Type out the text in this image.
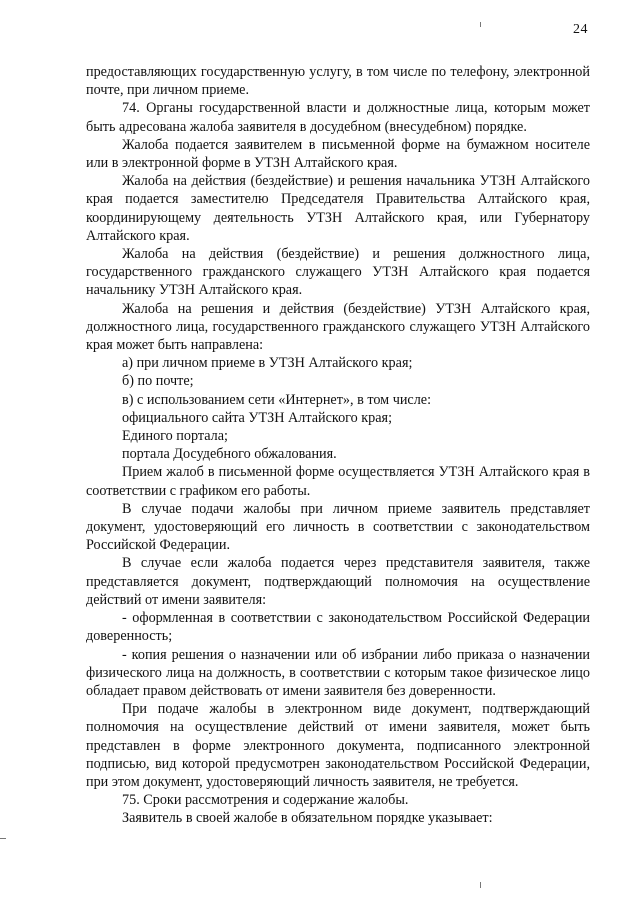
24

предоставляющих государственную услугу, в том числе по телефону, электронной почте, при личном приеме.

74. Органы государственной власти и должностные лица, которым может быть адресована жалоба заявителя в досудебном (внесудебном) порядке.

Жалоба подается заявителем в письменной форме на бумажном носителе или в электронной форме в УТЗН Алтайского края.

Жалоба на действия (бездействие) и решения начальника УТЗН Алтайского края подается заместителю Председателя Правительства Алтайского края, координирующему деятельность УТЗН Алтайского края, или Губернатору Алтайского края.

Жалоба на действия (бездействие) и решения должностного лица, государственного гражданского служащего УТЗН Алтайского края подается начальнику УТЗН Алтайского края.

Жалоба на решения и действия (бездействие) УТЗН Алтайского края, должностного лица, государственного гражданского служащего УТЗН Алтайского края может быть направлена:

а) при личном приеме в УТЗН Алтайского края;

б) по почте;

в) с использованием сети «Интернет», в том числе:

официального сайта УТЗН Алтайского края;

Единого портала;

портала Досудебного обжалования.

Прием жалоб в письменной форме осуществляется УТЗН Алтайского края в соответствии с графиком его работы.

В случае подачи жалобы при личном приеме заявитель представляет документ, удостоверяющий его личность в соответствии с законодательством Российской Федерации.

В случае если жалоба подается через представителя заявителя, также представляется документ, подтверждающий полномочия на осуществление действий от имени заявителя:

- оформленная в соответствии с законодательством Российской Федерации доверенность;

- копия решения о назначении или об избрании либо приказа о назначении физического лица на должность, в соответствии с которым такое физическое лицо обладает правом действовать от имени заявителя без доверенности.

При подаче жалобы в электронном виде документ, подтверждающий полномочия на осуществление действий от имени заявителя, может быть представлен в форме электронного документа, подписанного электронной подписью, вид которой предусмотрен законодательством Российской Федерации, при этом документ, удостоверяющий личность заявителя, не требуется.

75. Сроки рассмотрения и содержание жалобы.

Заявитель в своей жалобе в обязательном порядке указывает:
